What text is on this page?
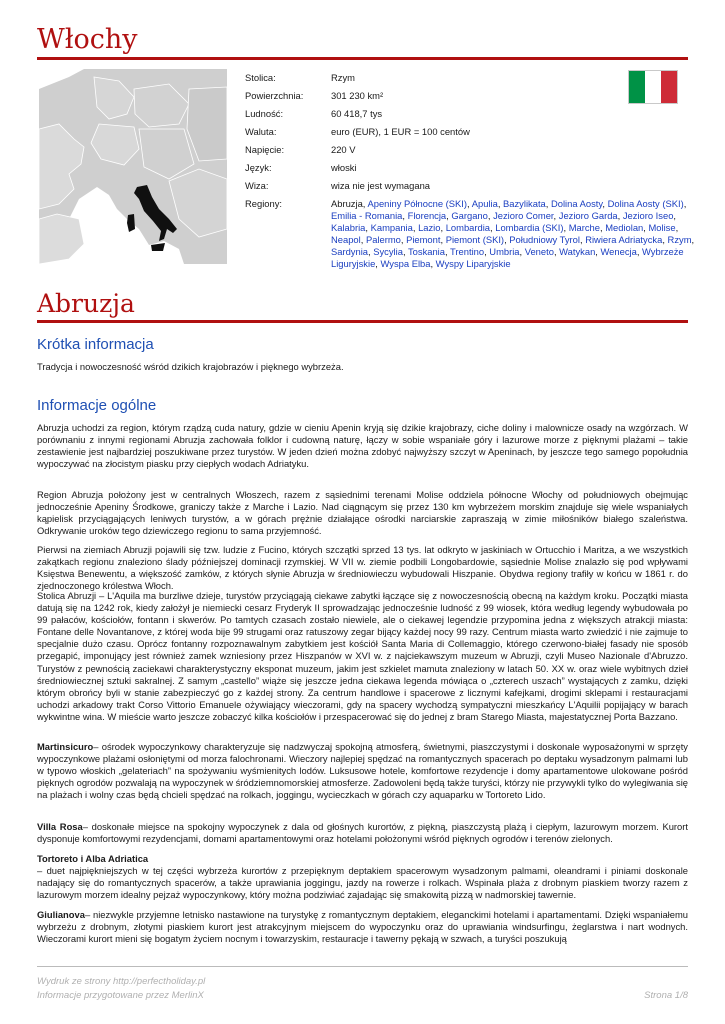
Włochy
Stolica:	Rzym
Powierzchnia:	301 230 km²
Ludność:	60 418,7 tys
Waluta:	euro (EUR), 1 EUR = 100 centów
Napięcie:	220 V
Język:	włoski
Wiza:	wiza nie jest wymagana
Regiony:	Abruzja, Apeniny Północne (SKI), Apulia, Bazylikata, Dolina Aosty, Dolina Aosty (SKI), Emilia - Romania, Florencja, Gargano, Jezioro Comer, Jezioro Garda, Jezioro Iseo, Kalabria, Kampania, Lazio, Lombardia, Lombardia (SKI), Marche, Mediolan, Molise, Neapol, Palermo, Piemont, Piemont (SKI), Południowy Tyrol, Riwiera Adriatycka, Rzym, Sardynia, Sycylia, Toskania, Trentino, Umbria, Veneto, Watykan, Wenecja, Wybrzeże Liguryjskie, Wyspa Elba, Wyspy Liparyjskie
Abruzja
Krótka informacja

Tradycja i nowoczesność wśród dzikich krajobrazów i pięknego wybrzeża.

Informacje ogólne

Abruzja uchodzi za region, którym rządzą cuda natury, gdzie w cieniu Apenin kryją się dzikie krajobrazy, ciche doliny i malownicze osady na wzgórzach. W porównaniu z innymi regionami Abruzja zachowała folklor i cudowną naturę, łączy w sobie wspaniałe góry i lazurowe morze z pięknymi plażami – takie zestawienie jest najbardziej poszukiwane przez turystów. W jeden dzień można zdobyć najwyższy szczyt w Apeninach, by jeszcze tego samego popołudnia wypoczywać na złocistym piasku przy ciepłych wodach Adriatyku.

Region Abruzja położony jest w centralnych Włoszech, razem z sąsiednimi terenami Molise oddziela północne Włochy od południowych obejmując jednocześnie Apeniny Środkowe, graniczy także z Marche i Lazio. Nad ciągnącym się przez 130 km wybrzeżem morskim znajduje się wiele wspaniałych kąpielisk przyciągających leniwych turystów, a w górach prężnie działające ośrodki narciarskie zapraszają w zimie miłośników białego szaleństwa. Odkrywanie uroków tego dziewiczego regionu to sama przyjemność.

Pierwsi na ziemiach Abruzji pojawili się tzw. ludzie z Fucino, których szczątki sprzed 13 tys. lat odkryto w jaskiniach w Ortucchio i Maritza, a we wszystkich zakątkach regionu znaleziono ślady późniejszej dominacji rzymskiej. W VII w. ziemie podbili Longobardowie, sąsiednie Molise znalazło się pod wpływami Księstwa Benewentu, a większość zamków, z których słynie Abruzja w średniowieczu wybudowali Hiszpanie. Obydwa regiony trafiły w końcu w 1861 r. do zjednoczonego królestwa Włoch.

Stolica Abruzji – L'Aquila ma burzliwe dzieje, turystów przyciągają ciekawe zabytki łączące się z nowoczesnością obecną na każdym kroku. Początki miasta datują się na 1242 rok, kiedy założył je niemiecki cesarz Fryderyk II sprowadzając jednocześnie ludność z 99 wiosek, która według legendy wybudowała po 99 pałaców, kościołów, fontann i skwerów. Po tamtych czasach zostało niewiele, ale o ciekawej legendzie przypomina jedna z większych atrakcji miasta: Fontane delle Novantanove, z której woda bije 99 strugami oraz ratuszowy zegar bijący każdej nocy 99 razy. Centrum miasta warto zwiedzić i nie zajmuje to specjalnie dużo czasu. Oprócz fontanny rozpoznawalnym zabytkiem jest kościół Santa Maria di Collemaggio, którego czerwono-białej fasady nie sposób przegapić, imponujący jest również zamek wzniesiony przez Hiszpanów w XVI w. z najciekawszym muzeum w Abruzji, czyli Museo Nazionale d'Abruzzo. Turystów z pewnością zaciekawi charakterystyczny eksponat muzeum, jakim jest szkielet mamuta znaleziony w latach 50. XX w. oraz wiele wybitnych dzieł średniowiecznej sztuki sakralnej. Z samym „castello” wiąże się jeszcze jedna ciekawa legenda mówiąca o „czterech uszach” wystających z zamku, dzięki którym obrońcy byli w stanie zabezpieczyć go z każdej strony. Za centrum handlowe i spacerowe z licznymi kafejkami, drogimi sklepami i restauracjami uchodzi arkadowy trakt Corso Vittorio Emanuele ożywiający wieczorami, gdy na spacery wychodzą sympatyczni mieszkańcy L'Aquilii popijający w barach wykwintne wina. W mieście warto jeszcze zobaczyć kilka kościołów i przespacerować się do jednej z bram Starego Miasta, majestatycznej Porta Bazzano.

Martinsicuro– ośrodek wypoczynkowy charakteryzuje się nadzwyczaj spokojną atmosferą, świetnymi, piaszczystymi i doskonale wyposażonymi w sprzęty wypoczynkowe plażami osłoniętymi od morza falochronami. Wieczory najlepiej spędzać na romantycznych spacerach po deptaku wysadzonym palmami lub w typowo włoskich „gelateriach” na spożywaniu wyśmienitych lodów. Luksusowe hotele, komfortowe rezydencje i domy apartamentowe ulokowane pośród pięknych ogrodów pozwalają na wypoczynek w śródziemnomorskiej atmosferze. Zadowoleni będą także turyści, którzy nie przywykli tylko do wylegiwania się na plażach i wolny czas będą chcieli spędzać na rolkach, joggingu, wycieczkach w górach czy aquaparku w Tortoreto Lido.

Villa Rosa– doskonałe miejsce na spokojny wypoczynek z dala od głośnych kurortów, z piękną, piaszczystą plażą i ciepłym, lazurowym morzem. Kurort dysponuje komfortowymi rezydencjami, domami apartamentowymi oraz hotelami położonymi wśród pięknych ogrodów i terenów zielonych.

Tortoreto i Alba Adriatica
– duet najpiękniejszych w tej części wybrzeża kurortów z przepięknym deptakiem spacerowym wysadzonym palmami, oleandrami i piniami doskonale nadający się do romantycznych spacerów, a także uprawiania joggingu, jazdy na rowerze i rolkach. Wspinała plaża z drobnym piaskiem tworzy razem z lazurowym morzem idealny pejzaż wypoczynkowy, który można podziwiać zajadając się smakowitą pizzą w nadmorskiej tawernie.

Giulianova– niezwykle przyjemne letnisko nastawione na turystykę z romantycznym deptakiem, eleganckimi hotelami i apartamentami. Dzięki wspaniałemu wybrzeżu z drobnym, złotymi piaskiem kurort jest atrakcyjnym miejscem do wypoczynku oraz do uprawiania windsurfingu, żeglarstwa i nart wodnych. Wieczorami kurort mieni się bogatym życiem nocnym i towarzyskim, restauracje i tawerny pękają w szwach, a turyści poszukują

Wydruk ze strony http://perfectholiday.pl
Informacje przygotowane przez MerlinX	Strona 1/8
